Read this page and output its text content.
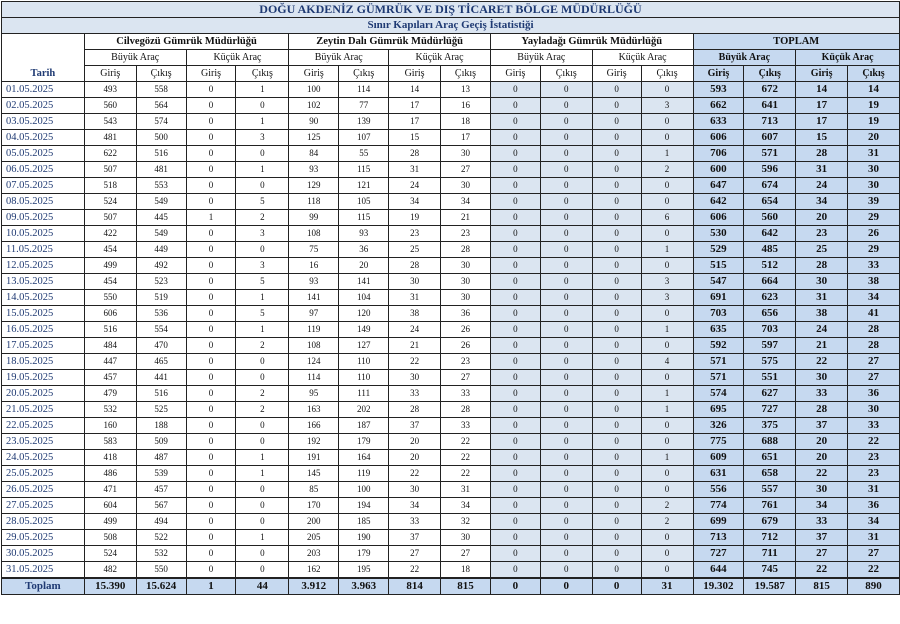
DOĞU AKDENİZ GÜMRÜK VE DIŞ TİCARET BÖLGE MÜDÜRLÜĞÜ																
Sınır Kapıları Araç Geçiş İstatistiği																
Tarih	Cilvegözü Gümrük Müdürlüğü				Zeytin Dalı Gümrük Müdürlüğü				Yayladağı Gümrük Müdürlüğü				TOPLAM			
	Büyük Araç		Küçük Araç		Büyük Araç		Küçük Araç		Büyük Araç		Küçük Araç		Büyük Araç		Küçük Araç	
	Giriş	Çıkış	Giriş	Çıkış	Giriş	Çıkış	Giriş	Çıkış	Giriş	Çıkış	Giriş	Çıkış	Giriş	Çıkış	Giriş	Çıkış
01.05.2025	493	558	0	1	100	114	14	13	0	0	0	0	593	672	14	14
02.05.2025	560	564	0	0	102	77	17	16	0	0	0	3	662	641	17	19
03.05.2025	543	574	0	1	90	139	17	18	0	0	0	0	633	713	17	19
04.05.2025	481	500	0	3	125	107	15	17	0	0	0	0	606	607	15	20
05.05.2025	622	516	0	0	84	55	28	30	0	0	0	1	706	571	28	31
06.05.2025	507	481	0	1	93	115	31	27	0	0	0	2	600	596	31	30
07.05.2025	518	553	0	0	129	121	24	30	0	0	0	0	647	674	24	30
08.05.2025	524	549	0	5	118	105	34	34	0	0	0	0	642	654	34	39
09.05.2025	507	445	1	2	99	115	19	21	0	0	0	6	606	560	20	29
10.05.2025	422	549	0	3	108	93	23	23	0	0	0	0	530	642	23	26
11.05.2025	454	449	0	0	75	36	25	28	0	0	0	1	529	485	25	29
12.05.2025	499	492	0	3	16	20	28	30	0	0	0	0	515	512	28	33
13.05.2025	454	523	0	5	93	141	30	30	0	0	0	3	547	664	30	38
14.05.2025	550	519	0	1	141	104	31	30	0	0	0	3	691	623	31	34
15.05.2025	606	536	0	5	97	120	38	36	0	0	0	0	703	656	38	41
16.05.2025	516	554	0	1	119	149	24	26	0	0	0	1	635	703	24	28
17.05.2025	484	470	0	2	108	127	21	26	0	0	0	0	592	597	21	28
18.05.2025	447	465	0	0	124	110	22	23	0	0	0	4	571	575	22	27
19.05.2025	457	441	0	0	114	110	30	27	0	0	0	0	571	551	30	27
20.05.2025	479	516	0	2	95	111	33	33	0	0	0	1	574	627	33	36
21.05.2025	532	525	0	2	163	202	28	28	0	0	0	1	695	727	28	30
22.05.2025	160	188	0	0	166	187	37	33	0	0	0	0	326	375	37	33
23.05.2025	583	509	0	0	192	179	20	22	0	0	0	0	775	688	20	22
24.05.2025	418	487	0	1	191	164	20	22	0	0	0	1	609	651	20	23
25.05.2025	486	539	0	1	145	119	22	22	0	0	0	0	631	658	22	23
26.05.2025	471	457	0	0	85	100	30	31	0	0	0	0	556	557	30	31
27.05.2025	604	567	0	0	170	194	34	34	0	0	0	2	774	761	34	36
28.05.2025	499	494	0	0	200	185	33	32	0	0	0	2	699	679	33	34
29.05.2025	508	522	0	1	205	190	37	30	0	0	0	0	713	712	37	31
30.05.2025	524	532	0	0	203	179	27	27	0	0	0	0	727	711	27	27
31.05.2025	482	550	0	0	162	195	22	18	0	0	0	0	644	745	22	22
Toplam	15.390	15.624	1	44	3.912	3.963	814	815	0	0	0	31	19.302	19.587	815	890
